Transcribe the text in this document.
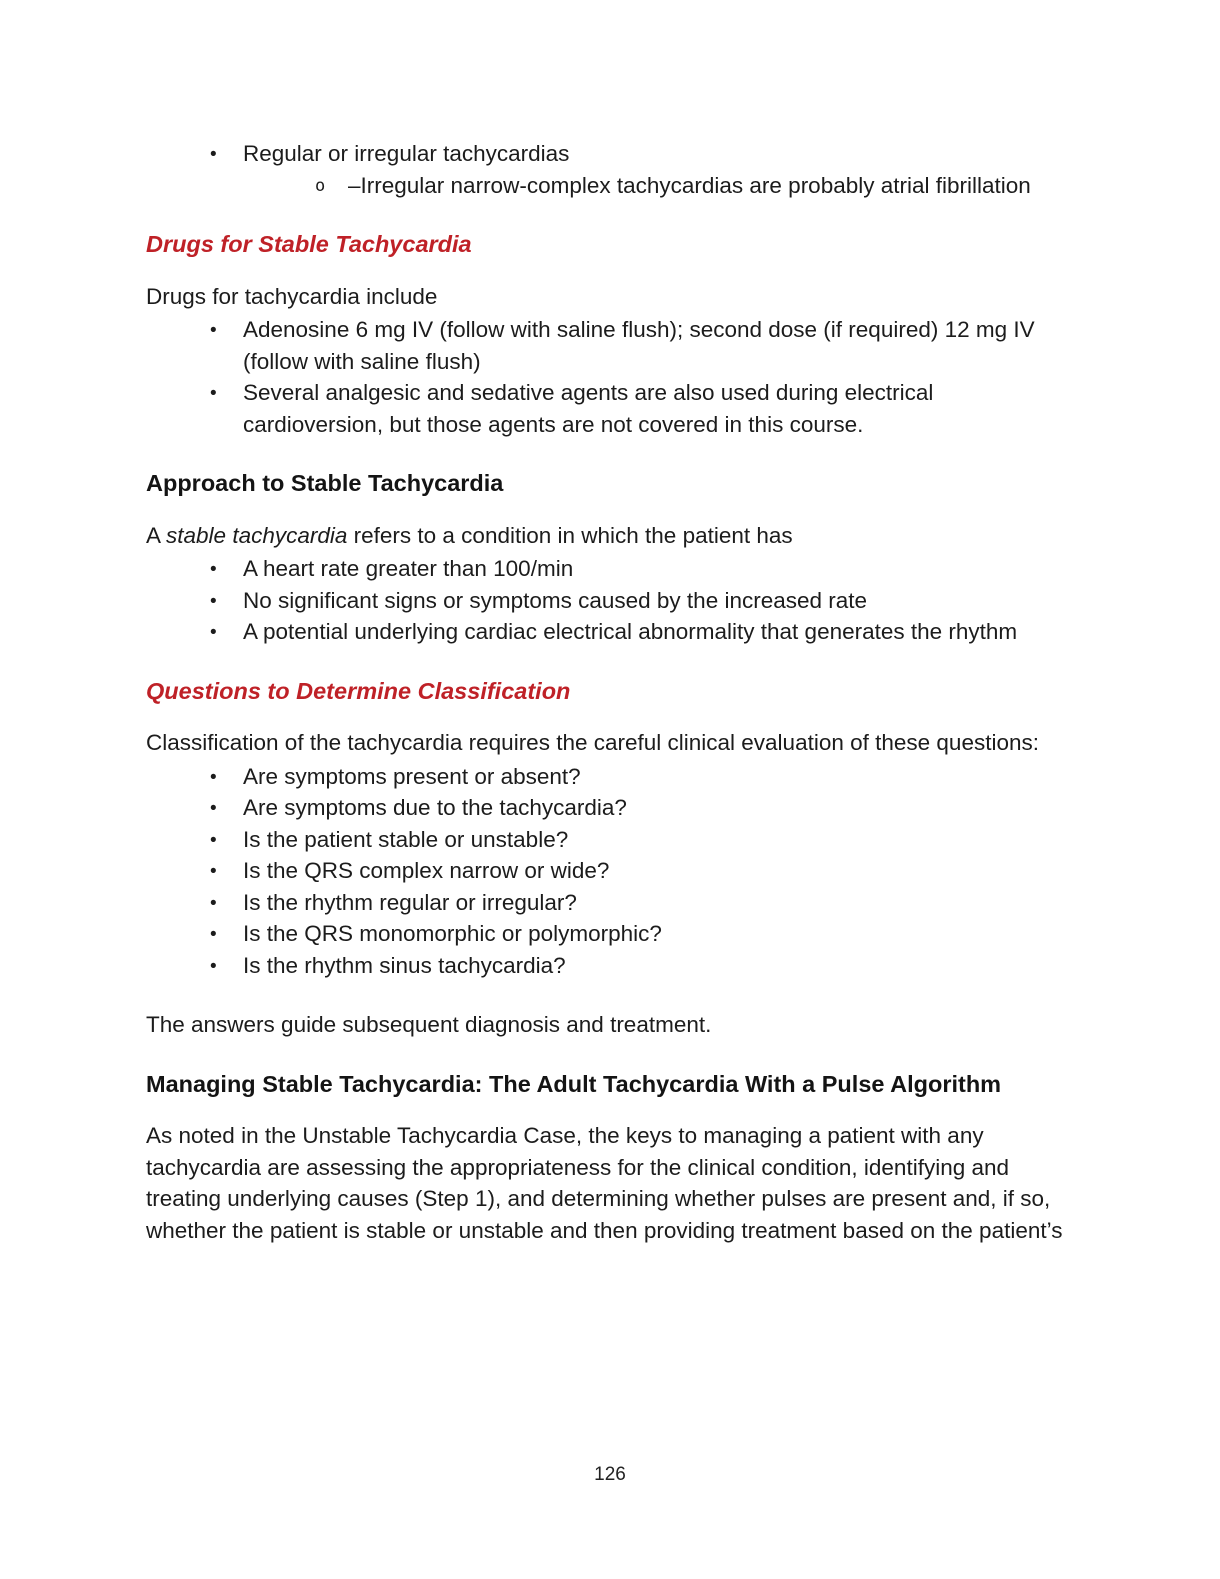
• Regular or irregular tachycardias
o –Irregular narrow-complex tachycardias are probably atrial fibrillation
Drugs for Stable Tachycardia

Drugs for tachycardia include

• Adenosine 6 mg IV (follow with saline flush); second dose (if required) 12 mg IV (follow with saline flush)
• Several analgesic and sedative agents are also used during electrical cardioversion, but those agents are not covered in this course.
Approach to Stable Tachycardia

A stable tachycardia refers to a condition in which the patient has

• A heart rate greater than 100/min
• No significant signs or symptoms caused by the increased rate
• A potential underlying cardiac electrical abnormality that generates the rhythm
Questions to Determine Classification

Classification of the tachycardia requires the careful clinical evaluation of these questions:

• Are symptoms present or absent?
• Are symptoms due to the tachycardia?
• Is the patient stable or unstable?
• Is the QRS complex narrow or wide?
• Is the rhythm regular or irregular?
• Is the QRS monomorphic or polymorphic?
• Is the rhythm sinus tachycardia?

The answers guide subsequent diagnosis and treatment.

Managing Stable Tachycardia: The Adult Tachycardia With a Pulse Algorithm

As noted in the Unstable Tachycardia Case, the keys to managing a patient with any tachycardia are assessing the appropriateness for the clinical condition, identifying and treating underlying causes (Step 1), and determining whether pulses are present and, if so, whether the patient is stable or unstable and then providing treatment based on the patient’s

126
